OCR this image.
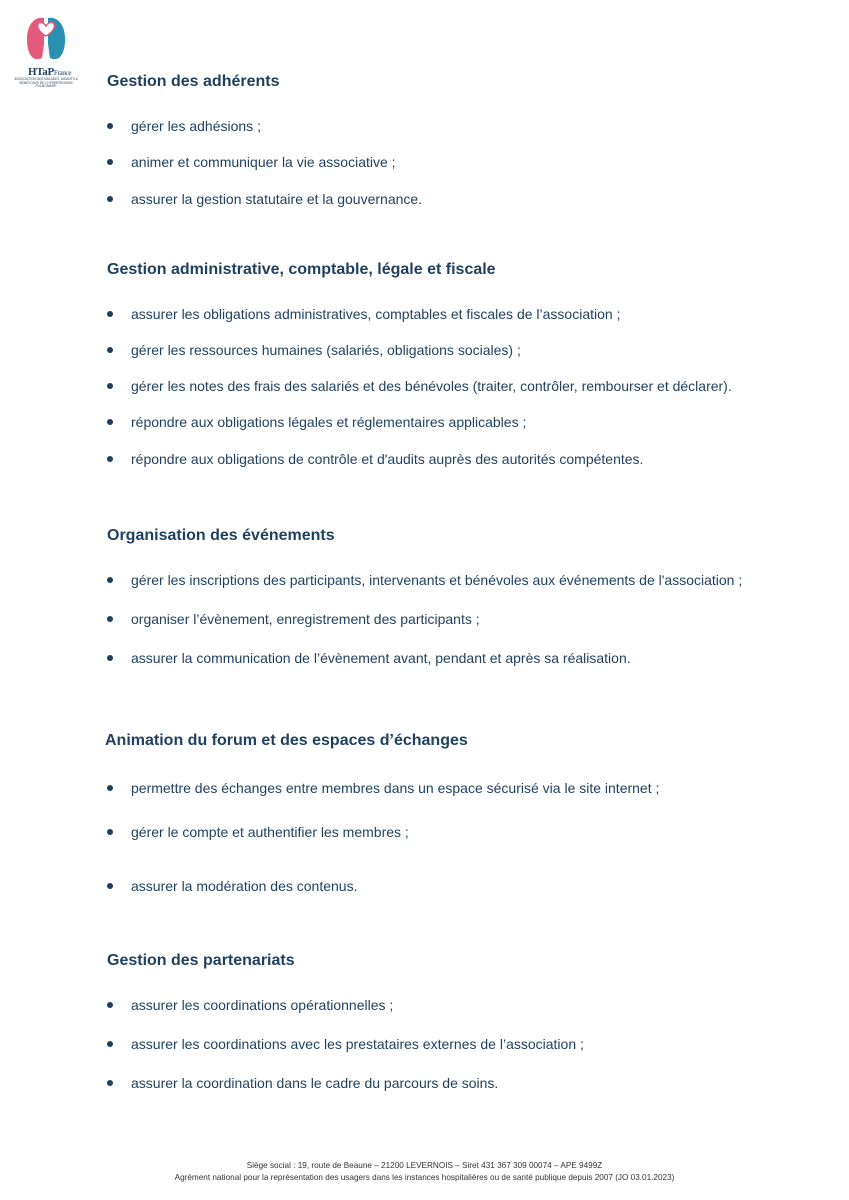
HTaPFrance
ASSOCIATION DES MALADES, AIDANTS & BÉNÉVOLES DE L'HYPERTENSION PULMONAIRE	Gestion des adhérents
gérer les adhésions ;
animer et communiquer la vie associative ;
assurer la gestion statutaire et la gouvernance.
Gestion administrative, comptable, légale et fiscale
assurer les obligations administratives, comptables et fiscales de l’association ;
gérer les ressources humaines (salariés, obligations sociales) ;
gérer les notes des frais des salariés et des bénévoles (traiter, contrôler, rembourser et déclarer).
répondre aux obligations légales et réglementaires applicables ;
répondre aux obligations de contrôle et d'audits auprès des autorités compétentes.
Organisation des événements
gérer les inscriptions des participants, intervenants et bénévoles aux événements de l'association ;
organiser l’évènement, enregistrement des participants ;
assurer la communication de l’évènement avant, pendant et après sa réalisation.
Animation du forum et des espaces d’échanges
permettre des échanges entre membres dans un espace sécurisé via le site internet ;
gérer le compte et authentifier les membres ;
assurer la modération des contenus.
Gestion des partenariats
assurer les coordinations opérationnelles ;
assurer les coordinations avec les prestataires externes de l’association ;
assurer la coordination dans le cadre du parcours de soins.
Siège social : 19, route de Beaune – 21200 LEVERNOIS – Siret 431 367 309 00074 – APE 9499Z
Agrément national pour la représentation des usagers dans les instances hospitalières ou de santé publique depuis 2007 (JO 03.01.2023)
